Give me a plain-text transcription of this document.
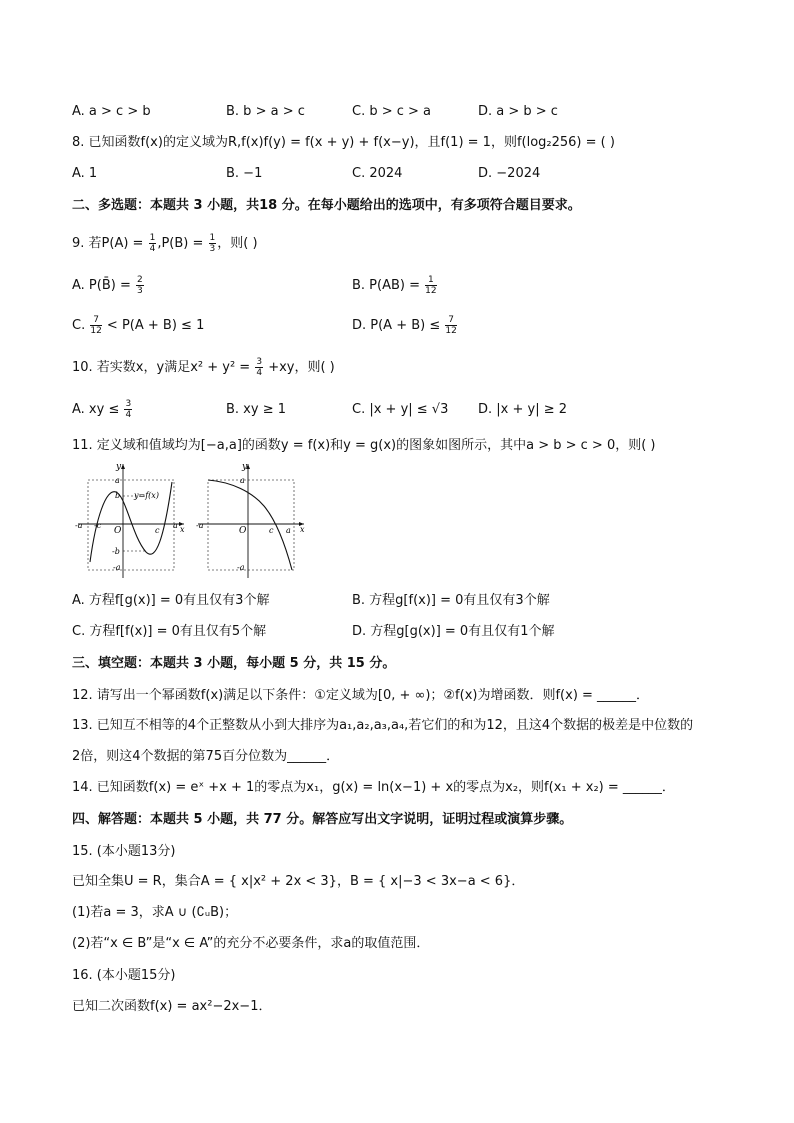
A. a > c > b	B. b > a > c	C. b > c > a	D. a > b > c
8. 已知函数f(x)的定义域为R,f(x)f(y) = f(x + y) + f(x−y)，且f(1) = 1，则f(log₂256) = ( )
A. 1	B. −1	C. 2024	D. −2024
二、多选题：本题共 3 小题，共18 分。在每小题给出的选项中，有多项符合题目要求。
9. 若$P(A) = \frac{1}{4} ,P(B) = \frac{1}{3}$ ，则( )
A. P(B̄) = $\frac{2}{3}$	B. $P(AB) = \frac{1}{12}$
C. $\frac{7}{12} < P(A + B) \le 1$	D. $P(A + B) \le \frac{7}{12}$
10. 若实数x，y满足$x^2 + y^2 = \frac{3}{4} +xy$，则( )
A. xy ≤ $\frac{3}{4}$	B. xy ≥ 1	C. |x + y| ≤ √3 D. |x + y| ≥ 2
11. 定义域和值域均为[−a,a]的函数y = f(x)和y = g(x)的图象如图所示，其中a > b > c > 0，则( )
y
a
b y=f(x)
-b
-a
-a -c
O	c
a x
y
a
-a
-a
O	c a x
A. 方程f[g(x)] = 0有且仅有3个解	B. 方程g[f(x)] = 0有且仅有3个解
C. 方程f[f(x)] = 0有且仅有5个解	D. 方程g[g(x)] = 0有且仅有1个解
三、填空题：本题共 3 小题，每小题 5 分，共 15 分。
12. 请写出一个幂函数f(x)满足以下条件：①定义域为[0, + ∞)；②f(x)为增函数．则f(x) = ______．
13. 已知互不相等的4个正整数从小到大排序为a₁,a₂,a₃,a₄,若它们的和为12，且这4个数据的极差是中位数的
2倍，则这4个数据的第75百分位数为______．
14. 已知函数f(x) = eˣ +x + 1的零点为x₁，g(x) = ln(x−1) + x的零点为x₂，则f(x₁ + x₂) = ______．
四、解答题：本题共 5 小题，共 77 分。解答应写出文字说明，证明过程或演算步骤。
15. (本小题13分)
已知全集U = R，集合A = { x|x² + 2x < 3}，B = { x|−3 < 3x−a < 6}．
(1)若a = 3，求A ∪ (∁ᵤB)；
(2)若“x ∈ B”是“x ∈ A”的充分不必要条件，求a的取值范围．
16. (本小题15分)
已知二次函数f(x) = ax²−2x−1．
